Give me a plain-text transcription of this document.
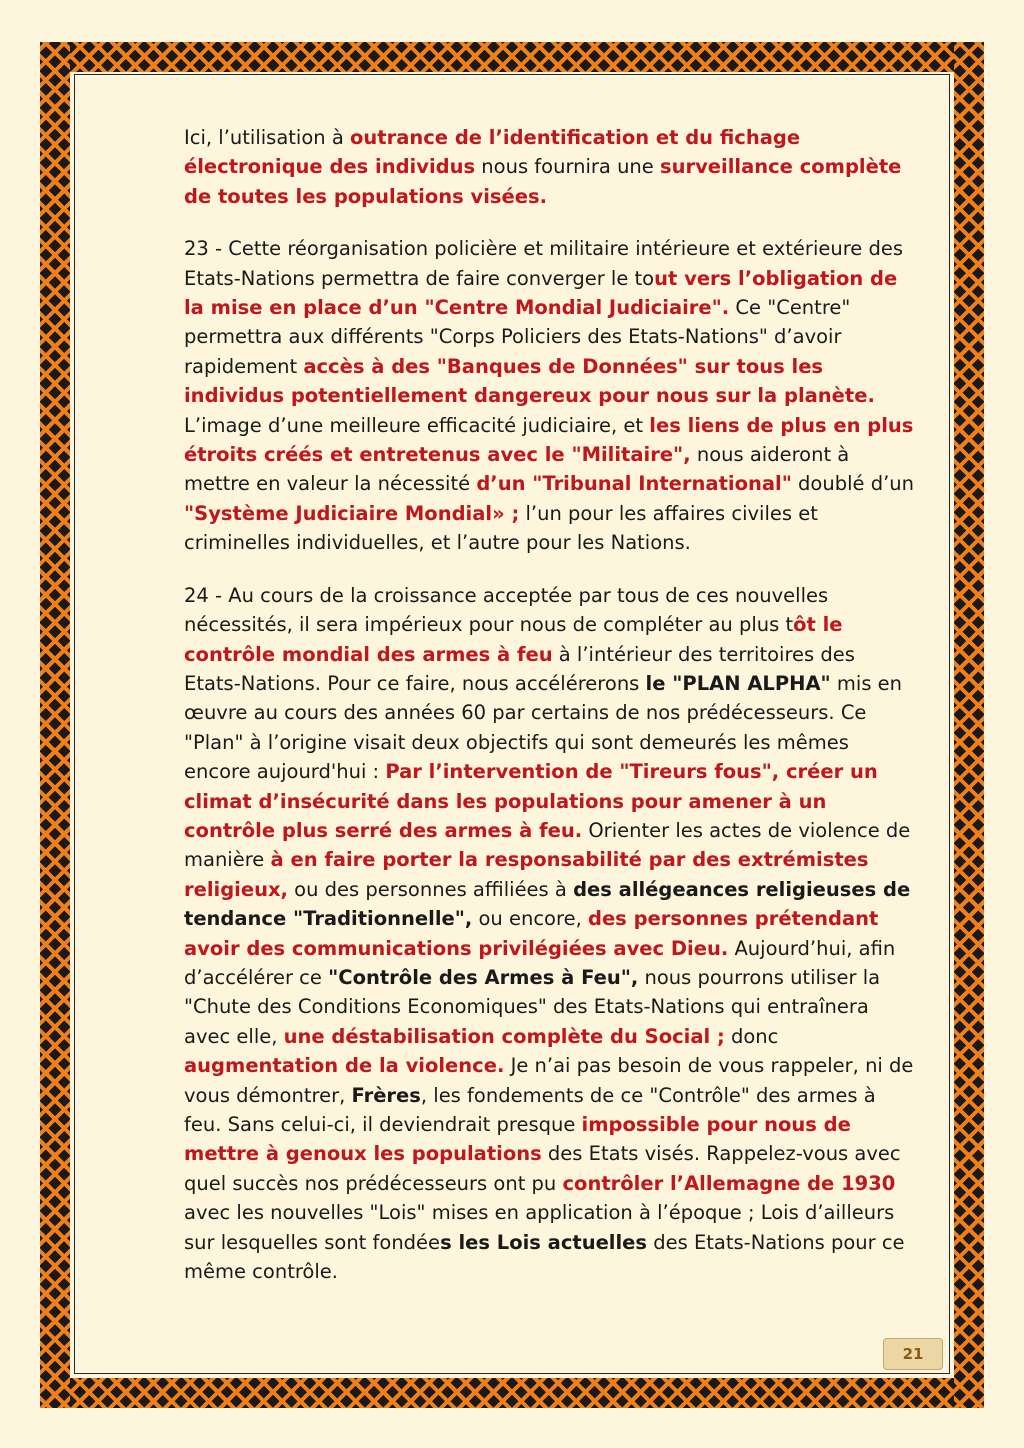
Ici, l’utilisation à outrance de l’identification et du fichage électronique des individus nous fournira une surveillance complète de toutes les populations visées.

23 - Cette réorganisation policière et militaire intérieure et extérieure des Etats-Nations permettra de faire converger le tout vers l’obligation de la mise en place d’un "Centre Mondial Judiciaire". Ce "Centre" permettra aux différents "Corps Policiers des Etats-Nations" d’avoir rapidement accès à des "Banques de Données" sur tous les individus potentiellement dangereux pour nous sur la planète. L’image d’une meilleure efficacité judiciaire, et les liens de plus en plus étroits créés et entretenus avec le "Militaire", nous aideront à mettre en valeur la nécessité d’un "Tribunal International" doublé d’un "Système Judiciaire Mondial» ; l’un pour les affaires civiles et criminelles individuelles, et l’autre pour les Nations.

24 - Au cours de la croissance acceptée par tous de ces nouvelles nécessités, il sera impérieux pour nous de compléter au plus tôt le contrôle mondial des armes à feu à l’intérieur des territoires des Etats-Nations. Pour ce faire, nous accélérerons le "PLAN ALPHA" mis en œuvre au cours des années 60 par certains de nos prédécesseurs. Ce "Plan" à l’origine visait deux objectifs qui sont demeurés les mêmes encore aujourd'hui : Par l’intervention de "Tireurs fous", créer un climat d’insécurité dans les populations pour amener à un contrôle plus serré des armes à feu. Orienter les actes de violence de manière à en faire porter la responsabilité par des extrémistes religieux, ou des personnes affiliées à des allégeances religieuses de tendance "Traditionnelle", ou encore, des personnes prétendant avoir des communications privilégiées avec Dieu. Aujourd’hui, afin d’accélérer ce "Contrôle des Armes à Feu", nous pourrons utiliser la "Chute des Conditions Economiques" des Etats-Nations qui entraînera avec elle, une déstabilisation complète du Social ; donc augmentation de la violence. Je n’ai pas besoin de vous rappeler, ni de vous démontrer, Frères, les fondements de ce "Contrôle" des armes à feu. Sans celui-ci, il deviendrait presque impossible pour nous de mettre à genoux les populations des Etats visés. Rappelez-vous avec quel succès nos prédécesseurs ont pu contrôler l’Allemagne de 1930 avec les nouvelles "Lois" mises en application à l’époque ; Lois d’ailleurs sur lesquelles sont fondées les Lois actuelles des Etats-Nations pour ce même contrôle.

21
